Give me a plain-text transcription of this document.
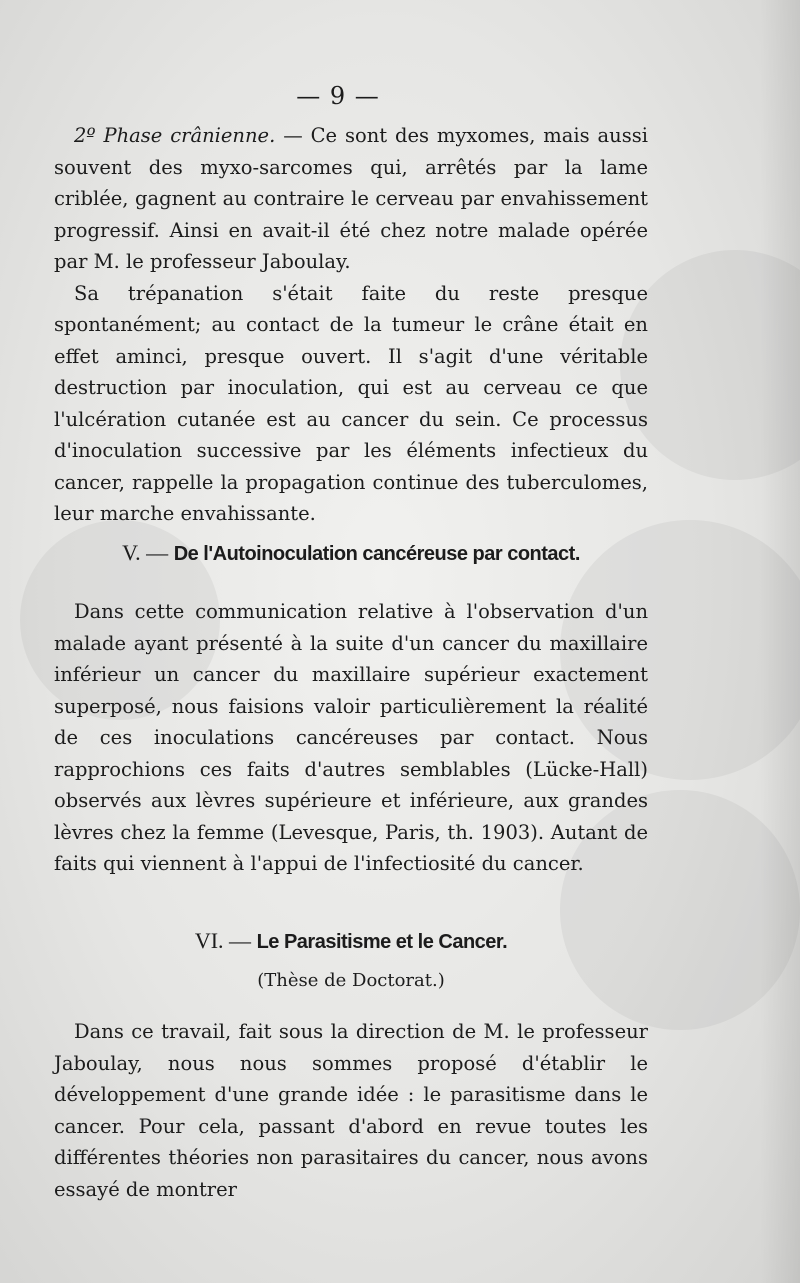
— 9 —

2º Phase crânienne. — Ce sont des myxomes, mais aussi souvent des myxo-sarcomes qui, arrêtés par la lame criblée, gagnent au contraire le cerveau par envahissement progressif. Ainsi en avait-il été chez notre malade opérée par M. le professeur Jaboulay.

Sa trépanation s'était faite du reste presque spontanément; au contact de la tumeur le crâne était en effet aminci, presque ouvert. Il s'agit d'une véritable destruction par inoculation, qui est au cerveau ce que l'ulcération cutanée est au cancer du sein. Ce processus d'inoculation successive par les éléments infectieux du cancer, rappelle la propagation continue des tuberculomes, leur marche envahissante.

V. — De l'Autoinoculation cancéreuse par contact.

Dans cette communication relative à l'observation d'un malade ayant présenté à la suite d'un cancer du maxillaire inférieur un cancer du maxillaire supérieur exactement superposé, nous faisions valoir particulièrement la réalité de ces inoculations cancéreuses par contact. Nous rapprochions ces faits d'autres semblables (Lücke-Hall) observés aux lèvres supérieure et inférieure, aux grandes lèvres chez la femme (Levesque, Paris, th. 1903). Autant de faits qui viennent à l'appui de l'infectiosité du cancer.

VI. — Le Parasitisme et le Cancer.
(Thèse de Doctorat.)

Dans ce travail, fait sous la direction de M. le professeur Jaboulay, nous nous sommes proposé d'établir le développement d'une grande idée : le parasitisme dans le cancer. Pour cela, passant d'abord en revue toutes les différentes théories non parasitaires du cancer, nous avons essayé de montrer
